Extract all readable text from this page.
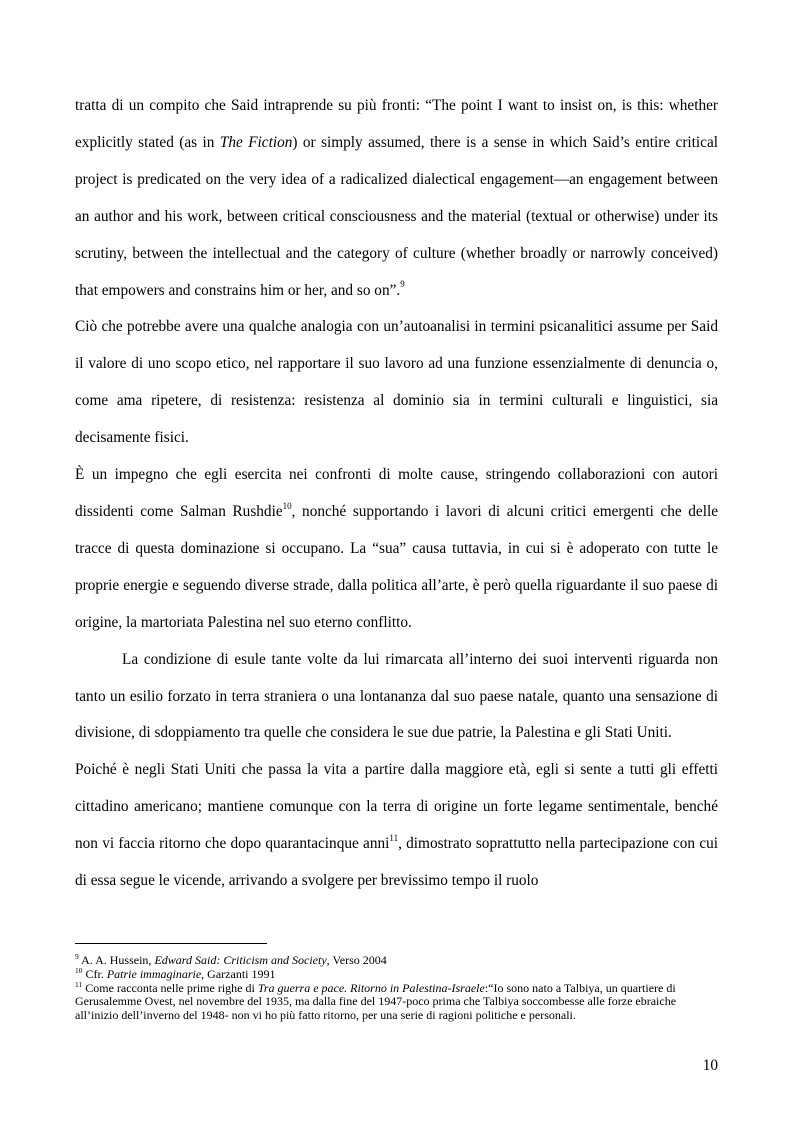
tratta di un compito che Said intraprende su più fronti: “The point I want to insist on, is this: whether explicitly stated (as in The Fiction) or simply assumed, there is a sense in which Said’s entire critical project is predicated on the very idea of a radicalized dialectical engagement—an engagement between an author and his work, between critical consciousness and the material (textual or otherwise) under its scrutiny, between the intellectual and the category of culture (whether broadly or narrowly conceived) that empowers and constrains him or her, and so on”.$^9$

Ciò che potrebbe avere una qualche analogia con un’autoanalisi in termini psicanalitici assume per Said il valore di uno scopo etico, nel rapportare il suo lavoro ad una funzione essenzialmente di denuncia o, come ama ripetere, di resistenza: resistenza al dominio sia in termini culturali e linguistici, sia decisamente fisici.

È un impegno che egli esercita nei confronti di molte cause, stringendo collaborazioni con autori dissidenti come Salman Rushdie$^{10}$, nonché supportando i lavori di alcuni critici emergenti che delle tracce di questa dominazione si occupano. La “sua” causa tuttavia, in cui si è adoperato con tutte le proprie energie e seguendo diverse strade, dalla politica all’arte, è però quella riguardante il suo paese di origine, la martoriata Palestina nel suo eterno conflitto.

La condizione di esule tante volte da lui rimarcata all’interno dei suoi interventi riguarda non tanto un esilio forzato in terra straniera o una lontananza dal suo paese natale, quanto una sensazione di divisione, di sdoppiamento tra quelle che considera le sue due patrie, la Palestina e gli Stati Uniti.

Poiché è negli Stati Uniti che passa la vita a partire dalla maggiore età, egli si sente a tutti gli effetti cittadino americano; mantiene comunque con la terra di origine un forte legame sentimentale, benché non vi faccia ritorno che dopo quarantacinque anni$^{11}$, dimostrato soprattutto nella partecipazione con cui di essa segue le vicende, arrivando a svolgere per brevissimo tempo il ruolo

$^9$ A. A. Hussein, Edward Said: Criticism and Society, Verso 2004

$^{10}$ Cfr. Patrie immaginarie, Garzanti 1991

$^{11}$ Come racconta nelle prime righe di Tra guerra e pace. Ritorno in Palestina-Israele:“Io sono nato a Talbiya, un quartiere di Gerusalemme Ovest, nel novembre del 1935, ma dalla fine del 1947-poco prima che Talbiya soccombesse alle forze ebraiche all’inizio dell’inverno del 1948- non vi ho più fatto ritorno, per una serie di ragioni politiche e personali.

10
